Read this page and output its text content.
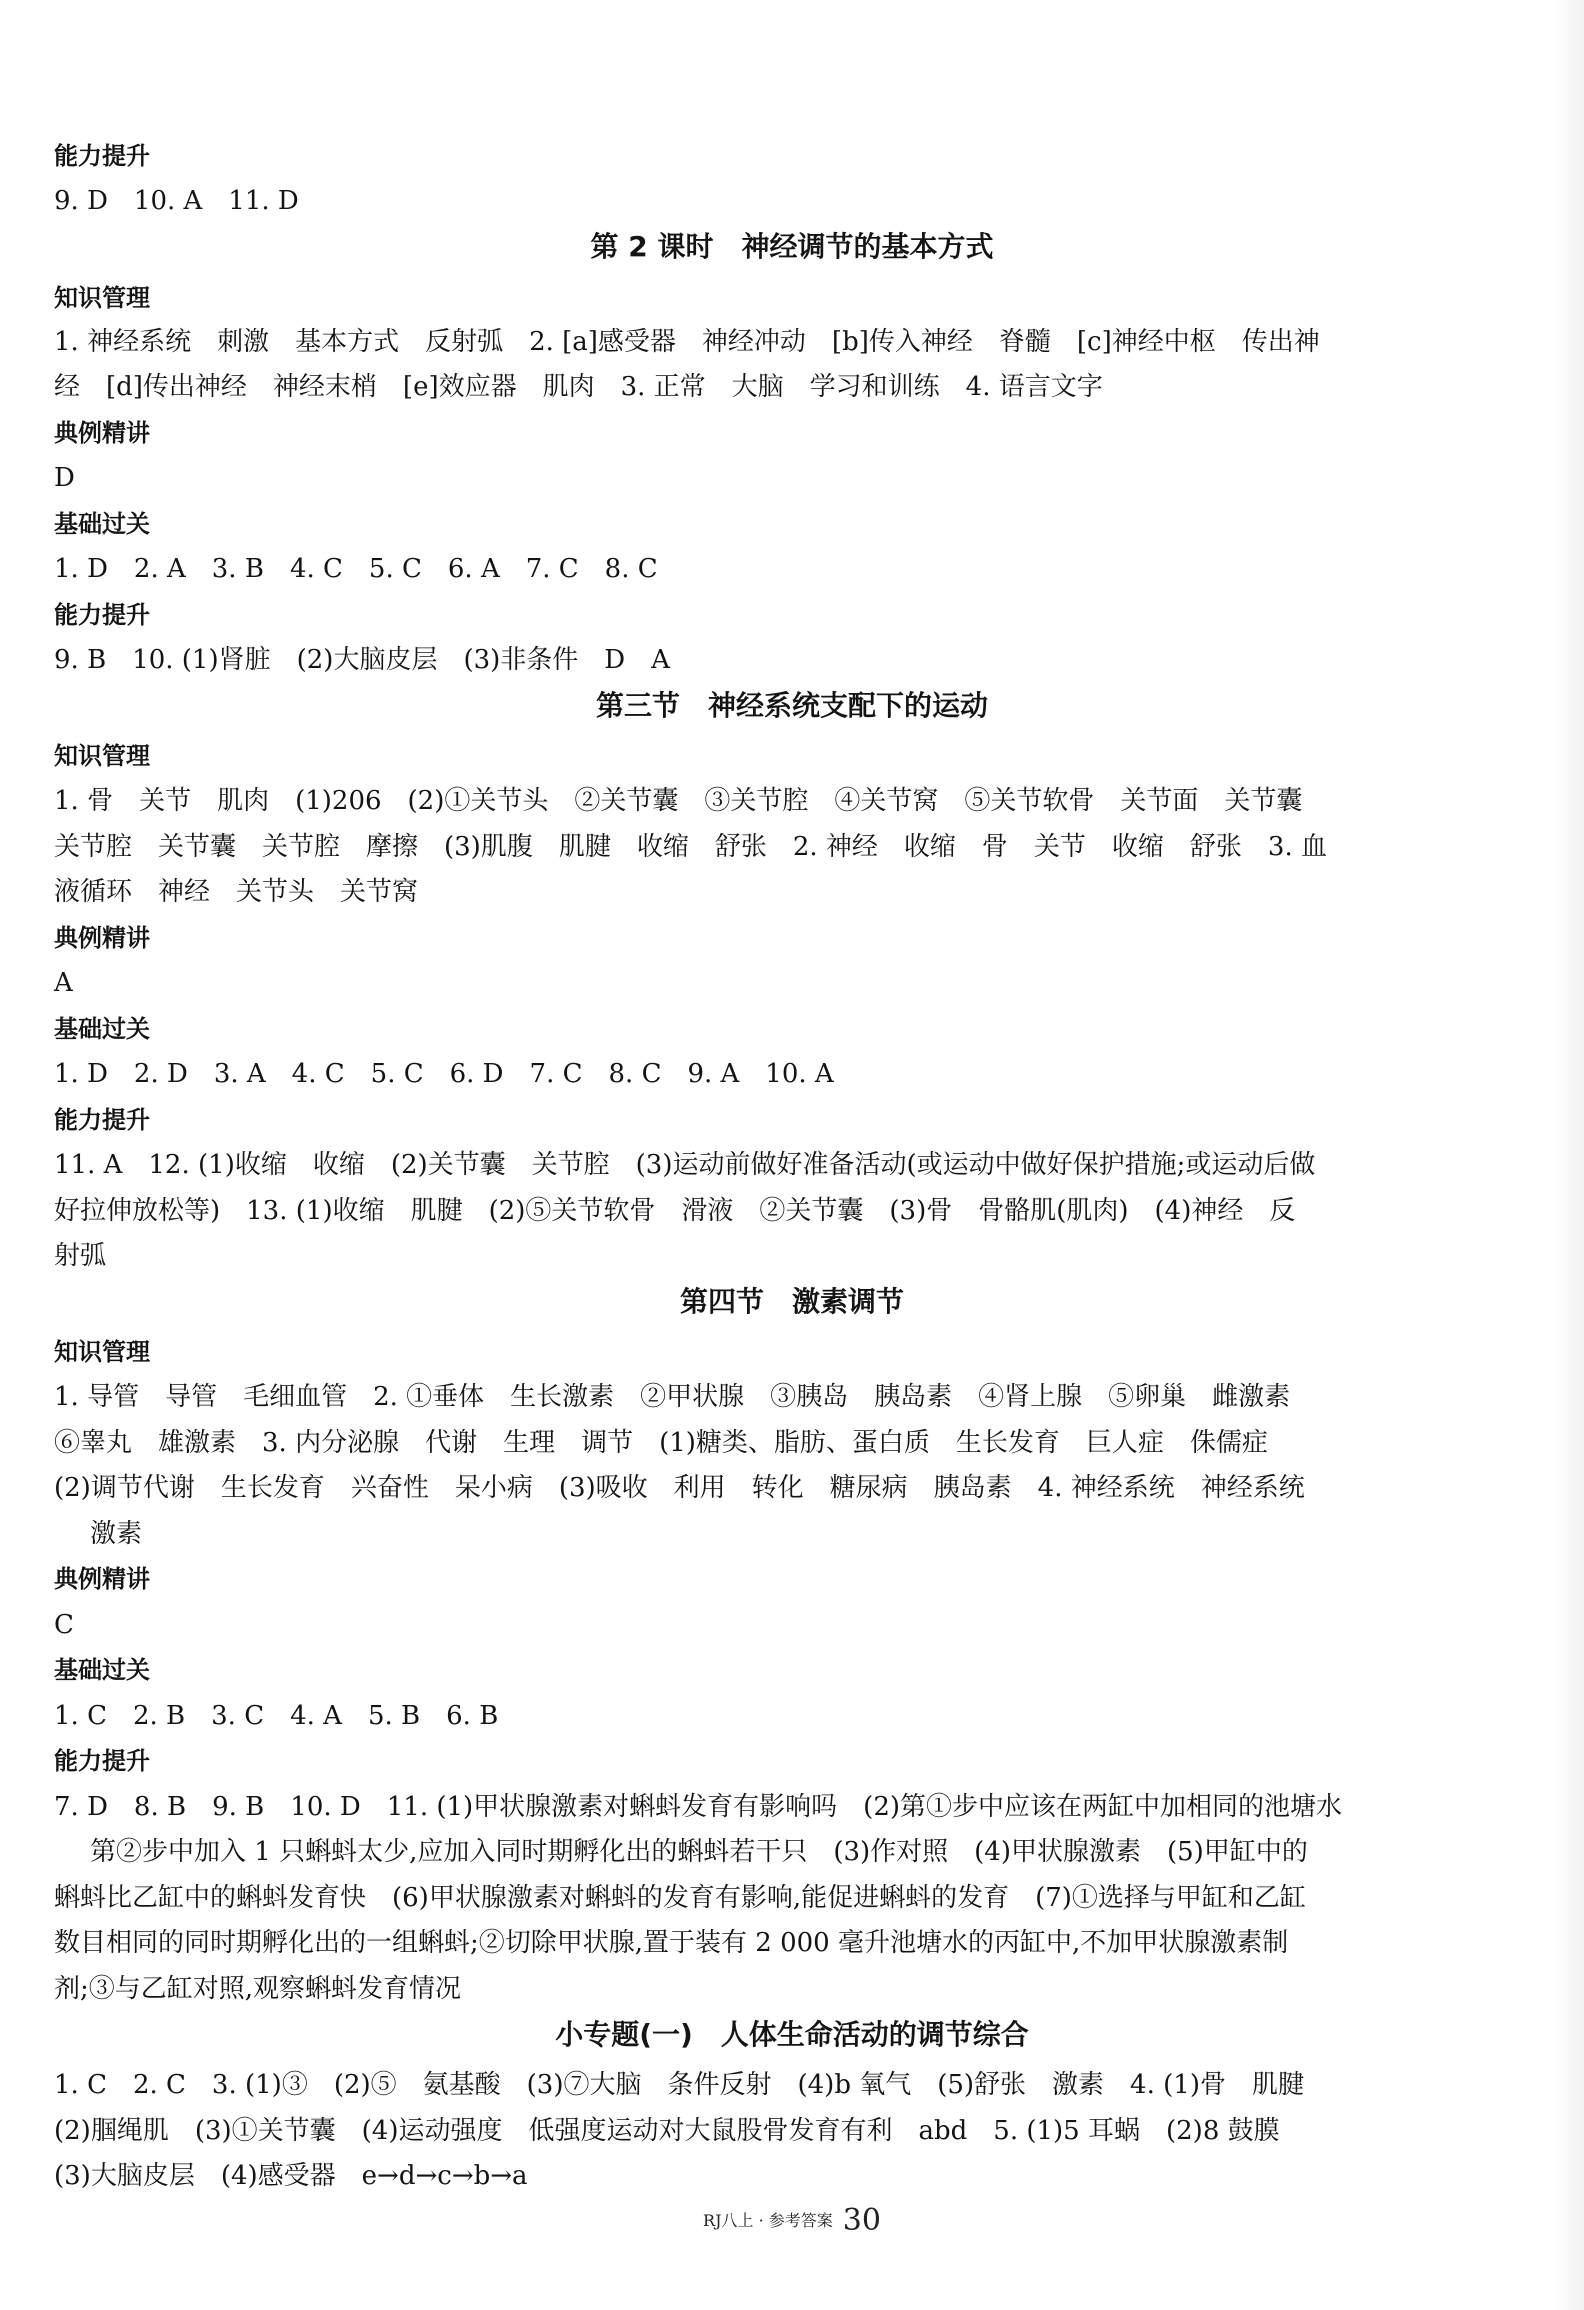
能力提升
9. D　10. A　11. D
第 2 课时　神经调节的基本方式
知识管理
1. 神经系统　刺激　基本方式　反射弧　2. [a]感受器　神经冲动　[b]传入神经　脊髓　[c]神经中枢　传出神
经　[d]传出神经　神经末梢　[e]效应器　肌肉　3. 正常　大脑　学习和训练　4. 语言文字
典例精讲
D
基础过关
1. D　2. A　3. B　4. C　5. C　6. A　7. C　8. C
能力提升
9. B　10. (1)肾脏　(2)大脑皮层　(3)非条件　D　A
第三节　神经系统支配下的运动
知识管理
1. 骨　关节　肌肉　(1)206　(2)①关节头　②关节囊　③关节腔　④关节窝　⑤关节软骨　关节面　关节囊
关节腔　关节囊　关节腔　摩擦　(3)肌腹　肌腱　收缩　舒张　2. 神经　收缩　骨　关节　收缩　舒张　3. 血
液循环　神经　关节头　关节窝
典例精讲
A
基础过关
1. D　2. D　3. A　4. C　5. C　6. D　7. C　8. C　9. A　10. A
能力提升
11. A　12. (1)收缩　收缩　(2)关节囊　关节腔　(3)运动前做好准备活动(或运动中做好保护措施;或运动后做
好拉伸放松等)　13. (1)收缩　肌腱　(2)⑤关节软骨　滑液　②关节囊　(3)骨　骨骼肌(肌肉)　(4)神经　反
射弧
第四节　激素调节
知识管理
1. 导管　导管　毛细血管　2. ①垂体　生长激素　②甲状腺　③胰岛　胰岛素　④肾上腺　⑤卵巢　雌激素
⑥睾丸　雄激素　3. 内分泌腺　代谢　生理　调节　(1)糖类、脂肪、蛋白质　生长发育　巨人症　侏儒症
(2)调节代谢　生长发育　兴奋性　呆小病　(3)吸收　利用　转化　糖尿病　胰岛素　4. 神经系统　神经系统
激素
典例精讲
C
基础过关
1. C　2. B　3. C　4. A　5. B　6. B
能力提升
7. D　8. B　9. B　10. D　11. (1)甲状腺激素对蝌蚪发育有影响吗　(2)第①步中应该在两缸中加相同的池塘水
第②步中加入 1 只蝌蚪太少,应加入同时期孵化出的蝌蚪若干只　(3)作对照　(4)甲状腺激素　(5)甲缸中的
蝌蚪比乙缸中的蝌蚪发育快　(6)甲状腺激素对蝌蚪的发育有影响,能促进蝌蚪的发育　(7)①选择与甲缸和乙缸
数目相同的同时期孵化出的一组蝌蚪;②切除甲状腺,置于装有 2 000 毫升池塘水的丙缸中,不加甲状腺激素制
剂;③与乙缸对照,观察蝌蚪发育情况
小专题(一)　人体生命活动的调节综合
1. C　2. C　3. (1)③　(2)⑤　氨基酸　(3)⑦大脑　条件反射　(4)b 氧气　(5)舒张　激素　4. (1)骨　肌腱
(2)腘绳肌　(3)①关节囊　(4)运动强度　低强度运动对大鼠股骨发育有利　abd　5. (1)5 耳蜗　(2)8 鼓膜
(3)大脑皮层　(4)感受器　e→d→c→b→a
RJ八上 · 参考答案 30
